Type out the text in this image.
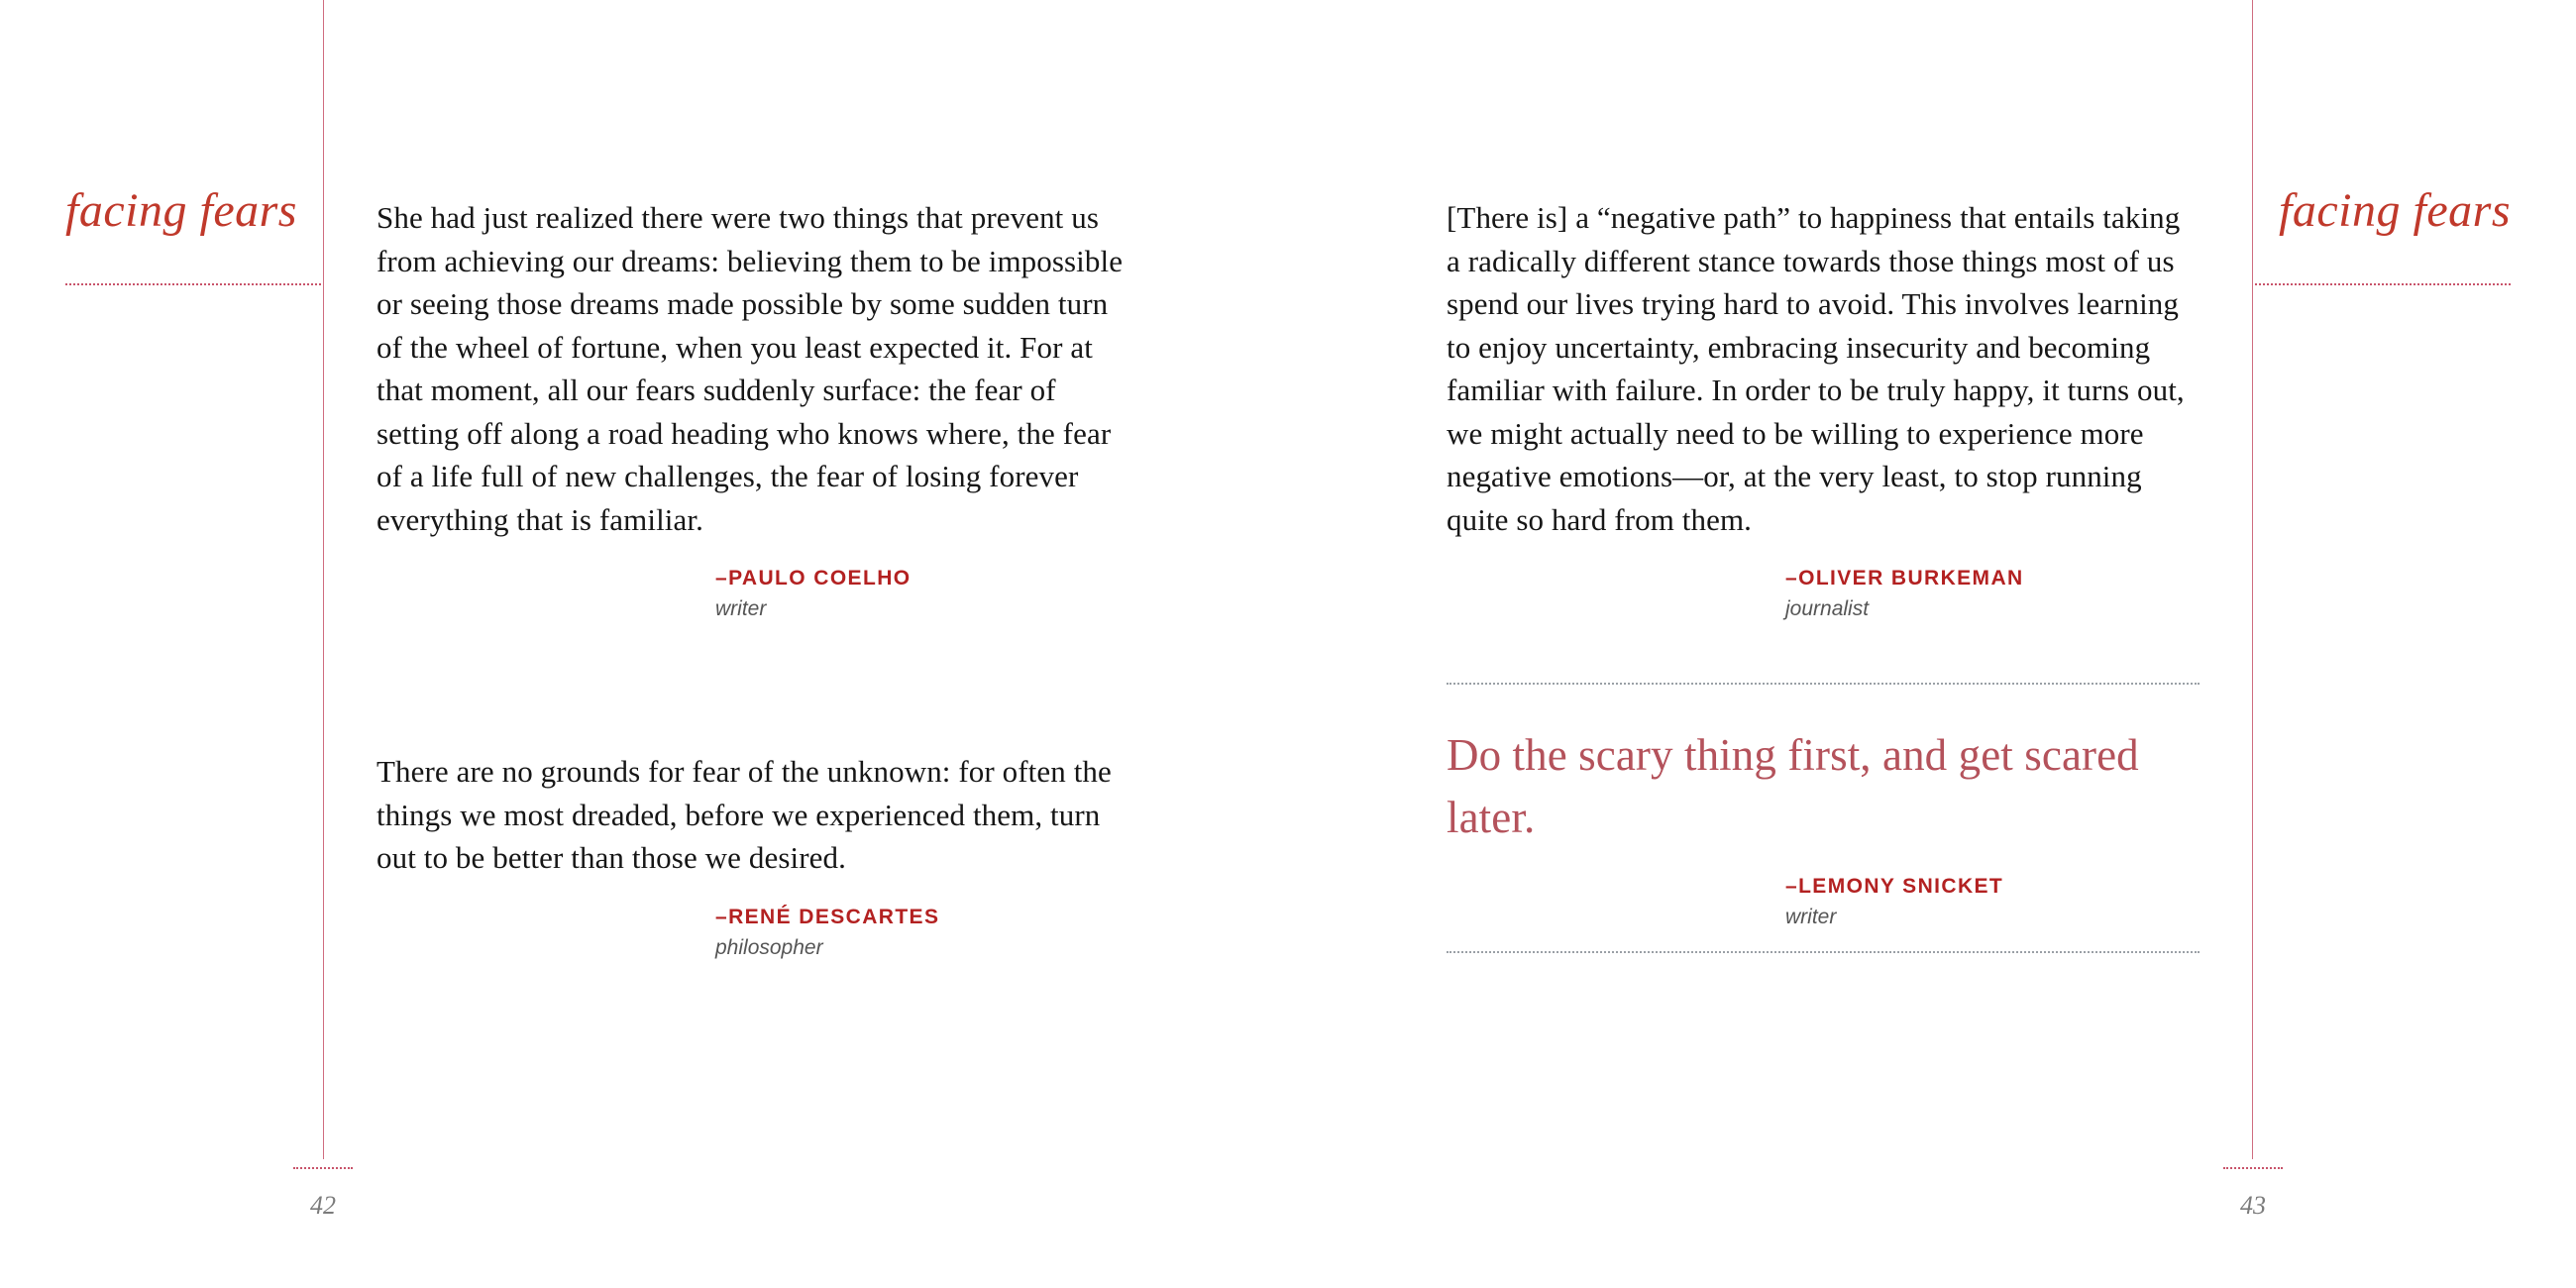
facing fears	She had just realized there were two things that prevent us from achieving our dreams: believing them to be impossible or seeing those dreams made possible by some sudden turn of the wheel of fortune, when you least expected it. For at that moment, all our fears suddenly surface: the fear of setting off along a road heading who knows where, the fear of a life full of new challenges, the fear of losing forever everything that is familiar.

–PAULO COELHO
writer

There are no grounds for fear of the unknown: for often the things we most dreaded, before we experienced them, turn out to be better than those we desired.

–RENÉ DESCARTES
philosopher
42
facing fears

[There is] a “negative path” to happiness that entails taking a radically different stance towards those things most of us spend our lives trying hard to avoid. This involves learning to enjoy uncertainty, embracing insecurity and becoming familiar with failure. In order to be truly happy, it turns out, we might actually need to be willing to experience more negative emotions—or, at the very least, to stop running quite so hard from them.

–OLIVER BURKEMAN
journalist

Do the scary thing first, and get scared later.

–LEMONY SNICKET
writer
43
